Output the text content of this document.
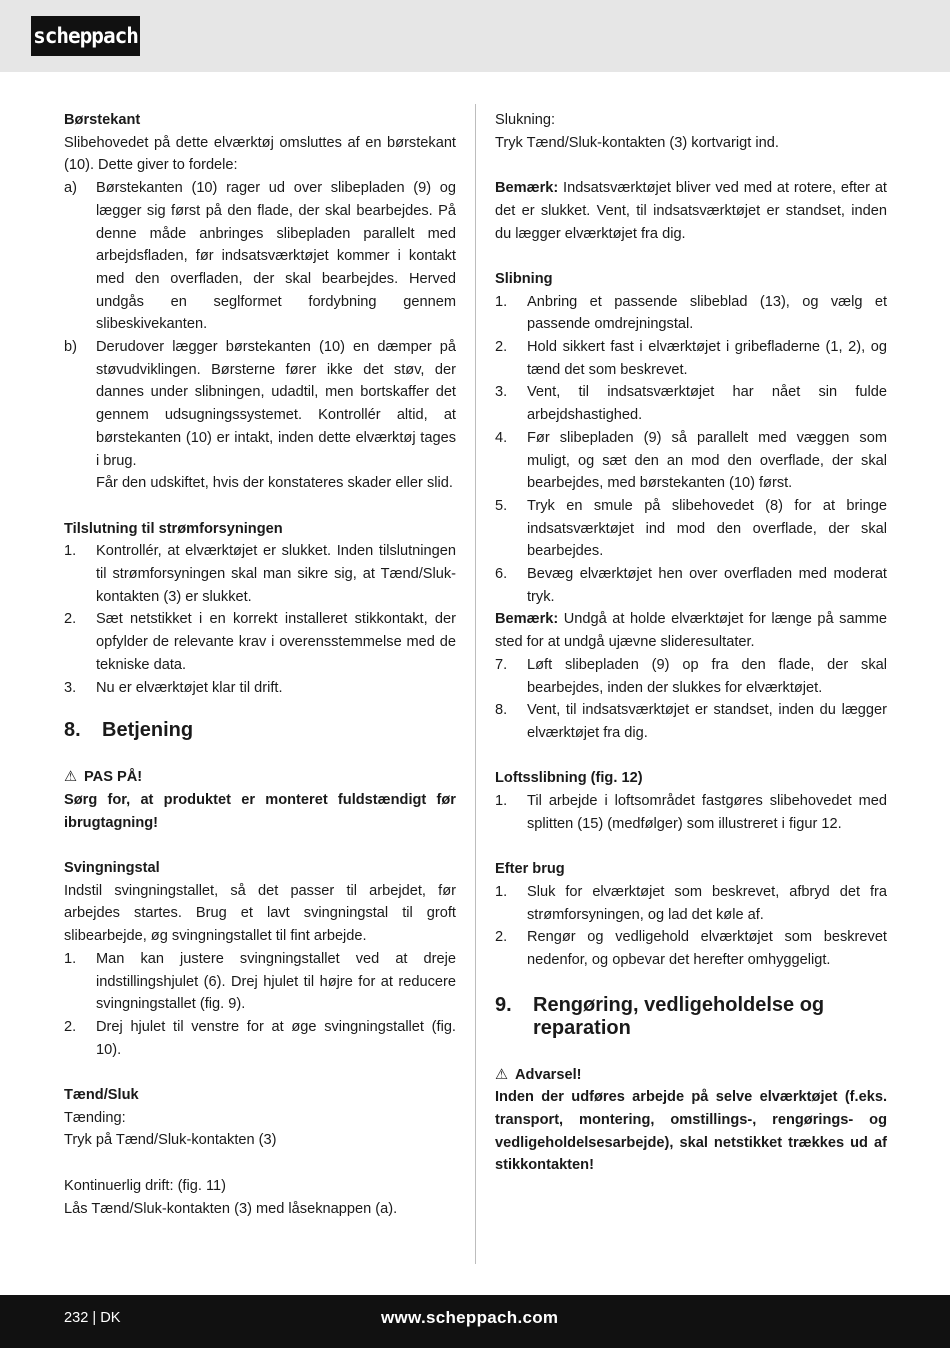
scheppach
Børstekant
Slibehovedet på dette elværktøj omsluttes af en børstekant (10). Dette giver to fordele:
a)	Børstekanten (10) rager ud over slibepladen (9) og lægger sig først på den flade, der skal bearbejdes. På denne måde anbringes slibepladen parallelt med arbejdsfladen, før indsatsværktøjet kommer i kontakt med den overfladen, der skal bearbejdes. Herved undgås en seglformet fordybning gennem slibeskivekanten.
b)	Derudover lægger børstekanten (10) en dæmper på støvudviklingen. Børsterne fører ikke det støv, der dannes under slibningen, udadtil, men bortskaffer det gennem udsugningssystemet. Kontrollér altid, at børstekanten (10) er intakt, inden dette elværktøj tages i brug.
Får den udskiftet, hvis der konstateres skader eller slid.
Tilslutning til strømforsyningen
1.	Kontrollér, at elværktøjet er slukket. Inden tilslutningen til strømforsyningen skal man sikre sig, at Tænd/Sluk-kontakten (3) er slukket.
2.	Sæt netstikket i en korrekt installeret stikkontakt, der opfylder de relevante krav i overensstemmelse med de tekniske data.
3.	Nu er elværktøjet klar til drift.
8.	Betjening
⚠ PAS PÅ!
Sørg for, at produktet er monteret fuldstændigt før ibrugtagning!
Svingningstal
Indstil svingningstallet, så det passer til arbejdet, før arbejdes startes. Brug et lavt svingningstal til groft slibearbejde, øg svingningstallet til fint arbejde.
1.	Man kan justere svingningstallet ved at dreje indstillingshjulet (6). Drej hjulet til højre for at reducere svingningstallet (fig. 9).
2.	Drej hjulet til venstre for at øge svingningstallet (fig. 10).
Tænd/Sluk
Tænding:
Tryk på Tænd/Sluk-kontakten (3)
Kontinuerlig drift: (fig. 11)
Lås Tænd/Sluk-kontakten (3) med låseknappen (a).
Slukning:
Tryk Tænd/Sluk-kontakten (3) kortvarigt ind.
Bemærk: Indsatsværktøjet bliver ved med at rotere, efter at det er slukket. Vent, til indsatsværktøjet er standset, inden du lægger elværktøjet fra dig.
Slibning
1.	Anbring et passende slibeblad (13), og vælg et passende omdrejningstal.
2.	Hold sikkert fast i elværktøjet i gribefladerne (1, 2), og tænd det som beskrevet.
3.	Vent, til indsatsværktøjet har nået sin fulde arbejdshastighed.
4.	Før slibepladen (9) så parallelt med væggen som muligt, og sæt den an mod den overflade, der skal bearbejdes, med børstekanten (10) først.
5.	Tryk en smule på slibehovedet (8) for at bringe indsatsværktøjet ind mod den overflade, der skal bearbejdes.
6.	Bevæg elværktøjet hen over overfladen med moderat tryk.
Bemærk: Undgå at holde elværktøjet for længe på samme sted for at undgå ujævne slideresultater.
7.	Løft slibepladen (9) op fra den flade, der skal bearbejdes, inden der slukkes for elværktøjet.
8.	Vent, til indsatsværktøjet er standset, inden du lægger elværktøjet fra dig.
Loftsslibning (fig. 12)
1.	Til arbejde i loftsområdet fastgøres slibehovedet med splitten (15) (medfølger) som illustreret i figur 12.
Efter brug
1.	Sluk for elværktøjet som beskrevet, afbryd det fra strømforsyningen, og lad det køle af.
2.	Rengør og vedligehold elværktøjet som beskrevet nedenfor, og opbevar det herefter omhyggeligt.
9.	Rengøring, vedligeholdelse og reparation
⚠ Advarsel!
Inden der udføres arbejde på selve elværktøjet (f.eks. transport, montering, omstillings-, rengørings- og vedligeholdelsesarbejde), skal netstikket trækkes ud af stikkontakten!
232 | DK	www.scheppach.com
